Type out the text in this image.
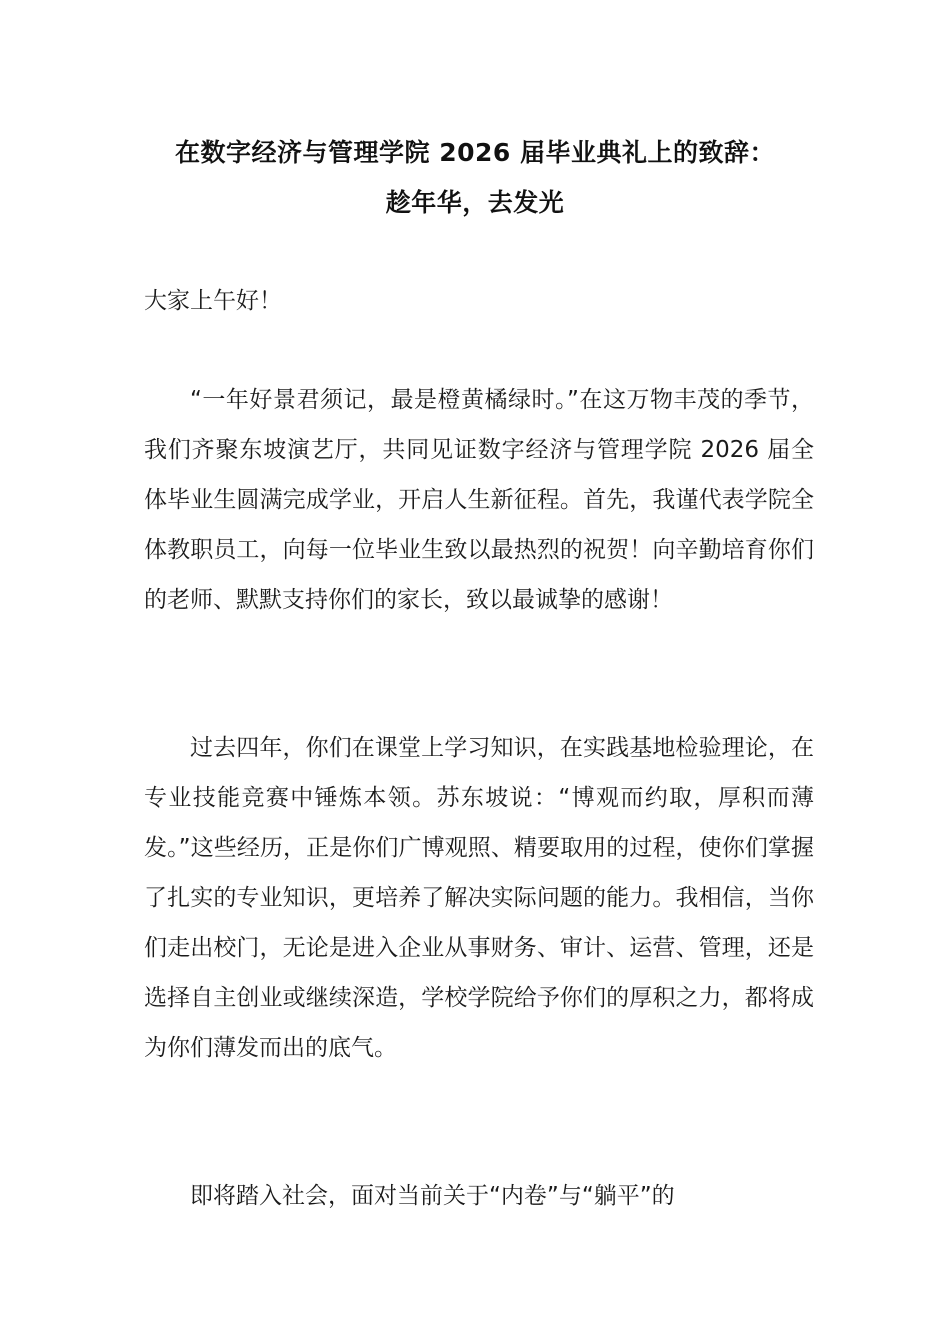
在数字经济与管理学院 2026 届毕业典礼上的致辞：
趁年华，去发光
大家上午好！
“一年好景君须记，最是橙黄橘绿时。”在这万物丰茂的季节，我们齐聚东坡演艺厅，共同见证数字经济与管理学院 2026 届全体毕业生圆满完成学业，开启人生新征程。首先，我谨代表学院全体教职员工，向每一位毕业生致以最热烈的祝贺！向辛勤培育你们的老师、默默支持你们的家长，致以最诚挚的感谢！
过去四年，你们在课堂上学习知识，在实践基地检验理论，在专业技能竞赛中锤炼本领。苏东坡说：“博观而约取，厚积而薄发。”这些经历，正是你们广博观照、精要取用的过程，使你们掌握了扎实的专业知识，更培养了解决实际问题的能力。我相信，当你们走出校门，无论是进入企业从事财务、审计、运营、管理，还是选择自主创业或继续深造，学校学院给予你们的厚积之力，都将成为你们薄发而出的底气。
即将踏入社会，面对当前关于“内卷”与“躺平”的
